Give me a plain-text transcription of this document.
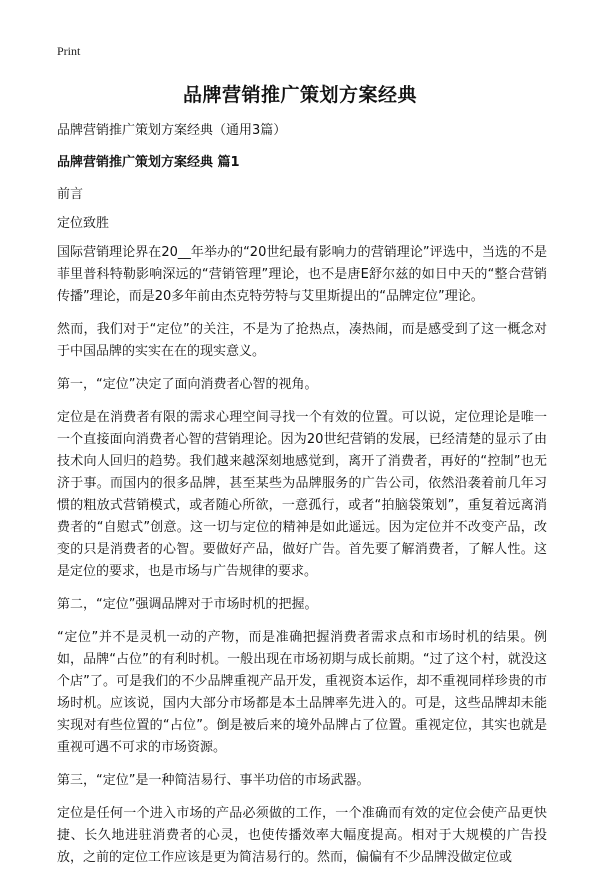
Print
品牌营销推广策划方案经典

品牌营销推广策划方案经典（通用3篇）

品牌营销推广策划方案经典 篇1

前言

定位致胜

国际营销理论界在20__年举办的“20世纪最有影响力的营销理论”评选中，当选的不是菲里普科特勒影响深远的“营销管理”理论，也不是唐E舒尔兹的如日中天的“整合营销传播”理论，而是20多年前由杰克特劳特与艾里斯提出的“品牌定位”理论。

然而，我们对于“定位”的关注，不是为了抢热点，凑热闹，而是感受到了这一概念对于中国品牌的实实在在的现实意义。

第一，“定位”决定了面向消费者心智的视角。

定位是在消费者有限的需求心理空间寻找一个有效的位置。可以说，定位理论是唯一一个直接面向消费者心智的营销理论。因为20世纪营销的发展，已经清楚的显示了由技术向人回归的趋势。我们越来越深刻地感觉到，离开了消费者，再好的“控制”也无济于事。而国内的很多品牌，甚至某些为品牌服务的广告公司，依然沿袭着前几年习惯的粗放式营销模式，或者随心所欲，一意孤行，或者“拍脑袋策划”，重复着远离消费者的“自慰式”创意。这一切与定位的精神是如此遥远。因为定位并不改变产品，改变的只是消费者的心智。要做好产品，做好广告。首先要了解消费者，了解人性。这是定位的要求，也是市场与广告规律的要求。

第二，“定位”强调品牌对于市场时机的把握。

“定位”并不是灵机一动的产物，而是准确把握消费者需求点和市场时机的结果。例如，品牌“占位”的有利时机。一般出现在市场初期与成长前期。“过了这个村，就没这个店”了。可是我们的不少品牌重视产品开发，重视资本运作，却不重视同样珍贵的市场时机。应该说，国内大部分市场都是本土品牌率先进入的。可是，这些品牌却未能实现对有些位置的“占位”。倒是被后来的境外品牌占了位置。重视定位，其实也就是重视可遇不可求的市场资源。

第三，“定位”是一种简洁易行、事半功倍的市场武器。

定位是任何一个进入市场的产品必须做的工作，一个准确而有效的定位会使产品更快捷、长久地进驻消费者的心灵，也使传播效率大幅度提高。相对于大规模的广告投放，之前的定位工作应该是更为简洁易行的。然而，偏偏有不少品牌没做定位或
